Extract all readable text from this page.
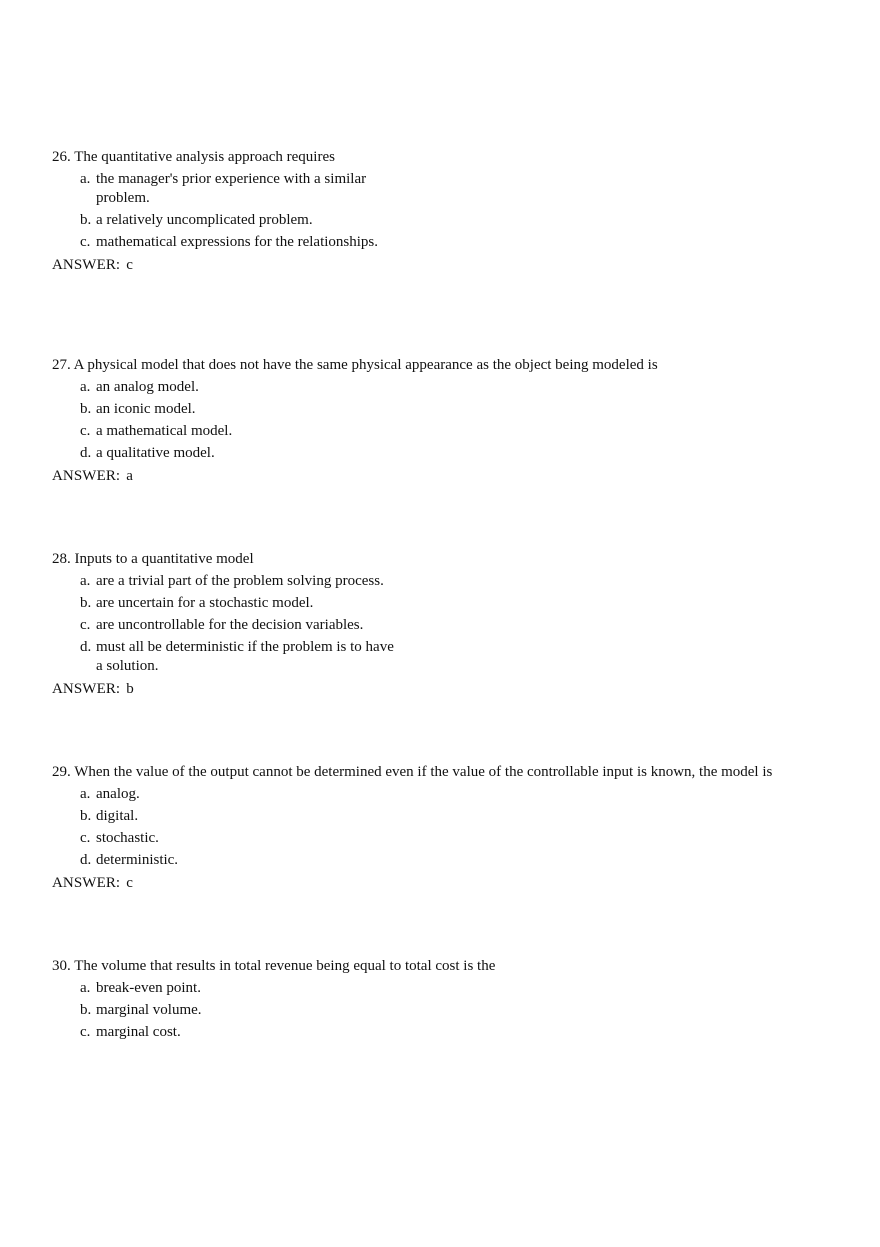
26. The quantitative analysis approach requires

a. the manager's prior experience with a similar problem.
b. a relatively uncomplicated problem.
c. mathematical expressions for the relationships.
ANSWER: c

27. A physical model that does not have the same physical appearance as the object being modeled is

a. an analog model.
b. an iconic model.
c. a mathematical model.
d. a qualitative model.
ANSWER: a

28. Inputs to a quantitative model

a. are a trivial part of the problem solving process.
b. are uncertain for a stochastic model.
c. are uncontrollable for the decision variables.
d. must all be deterministic if the problem is to have a solution.
ANSWER: b

29. When the value of the output cannot be determined even if the value of the controllable input is known, the model is

a. analog.
b. digital.
c. stochastic.
d. deterministic.
ANSWER: c

30. The volume that results in total revenue being equal to total cost is the

a. break-even point.
b. marginal volume.
c. marginal cost.
